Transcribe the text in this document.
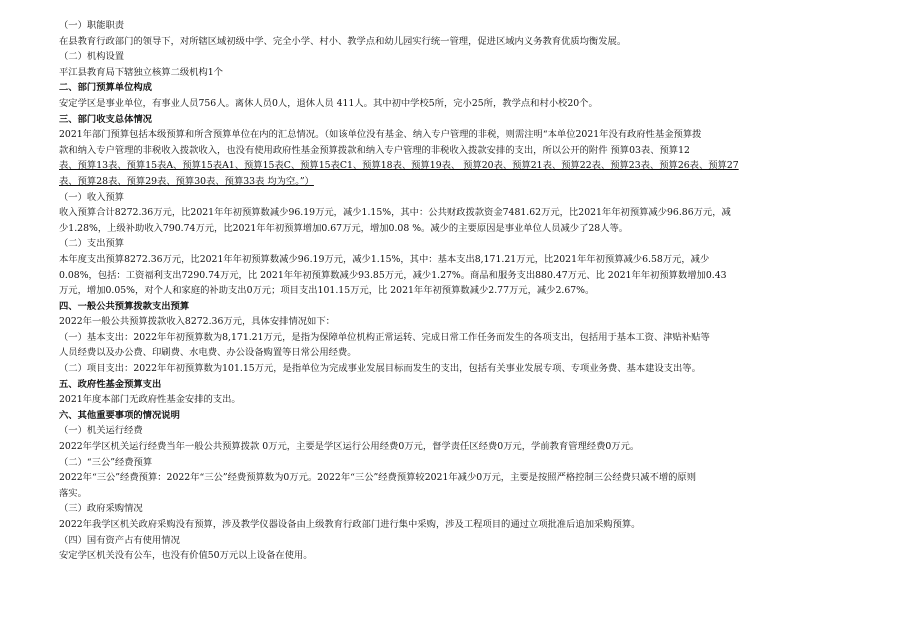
（一）职能职责
在县教育行政部门的领导下，对所辖区域初级中学、完全小学、村小、教学点和幼儿园实行统一管理，促进区域内义务教育优质均衡发展。
（二）机构设置
平江县教育局下辖独立核算二级机构1个
二、部门预算单位构成
安定学区是事业单位，有事业人员756人。离休人员0人，退休人员 411人。其中初中学校5所，完小25所，教学点和村小校20个。
三、部门收支总体情况
2021年部门预算包括本级预算和所含预算单位在内的汇总情况。（如该单位没有基金、纳入专户管理的非税，则需注明“本单位2021年没有政府性基金预算拨
款和纳入专户管理的非税收入拨款收入，也没有使用政府性基金预算拨款和纳入专户管理的非税收入拨款安排的支出，所以公开的附件 预算03表、预算12
表、预算13表、预算15表A、预算15表A1、预算15表C、预算15表C1、预算18表、预算19表、 预算20表、预算21表、预算22表、预算23表、预算26表、预算27
表、预算28表、预算29表、预算30表、预算33表 均为空。”）
（一）收入预算
收入预算合计8272.36万元，比2021年年初预算数减少96.19万元，减少1.15%，其中：公共财政拨款资金7481.62万元，比2021年年初预算减少96.86万元，减
少1.28%，上级补助收入790.74万元，比2021年年初预算增加0.67万元，增加0.08 %。减少的主要原因是事业单位人员减少了28人等。
（二）支出预算
本年度支出预算8272.36万元，比2021年年初预算数减少96.19万元，减少1.15%，其中：基本支出8,171.21万元，比2021年年初预算减少6.58万元，减少
0.08%，包括：工资福利支出7290.74万元，比 2021年年初预算数减少93.85万元，减少1.27%。商品和服务支出880.47万元、比 2021年年初预算数增加0.43
万元，增加0.05%，对个人和家庭的补助支出0万元；项目支出101.15万元，比 2021年年初预算数减少2.77万元，减少2.67%。
四、一般公共预算拨款支出预算
2022年一般公共预算拨款收入8272.36万元，具体安排情况如下：
（一）基本支出：2022年年初预算数为8,171.21万元，是指为保障单位机构正常运转、完成日常工作任务而发生的各项支出，包括用于基本工资、津贴补贴等
人员经费以及办公费、印刷费、水电费、办公设备购置等日常公用经费。
（二）项目支出：2022年年初预算数为101.15万元，是指单位为完成事业发展目标而发生的支出，包括有关事业发展专项、专项业务费、基本建设支出等。
五、政府性基金预算支出
2021年度本部门无政府性基金安排的支出。
六、其他重要事项的情况说明
（一）机关运行经费
2022年学区机关运行经费当年一般公共预算拨款 0万元，主要是学区运行公用经费0万元，督学责任区经费0万元，学前教育管理经费0万元。
（二）“三公”经费预算
2022年“三公”经费预算：2022年“三公”经费预算数为0万元。2022年“三公”经费预算较2021年减少0万元，主要是按照严格控制三公经费只减不增的原则
落实。
（三）政府采购情况
2022年我学区机关政府采购没有预算，涉及教学仪器设备由上级教育行政部门进行集中采购，涉及工程项目的通过立项批准后追加采购预算。
（四）国有资产占有使用情况
安定学区机关没有公车，也没有价值50万元以上设备在使用。
